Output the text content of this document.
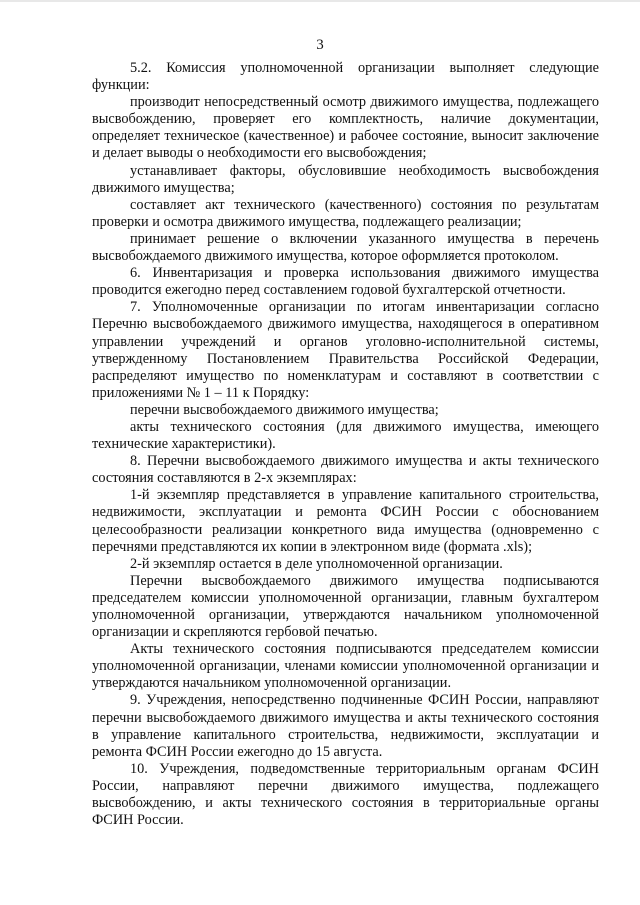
3

5.2. Комиссия уполномоченной организации выполняет следующие функции:

производит непосредственный осмотр движимого имущества, подлежащего высвобождению, проверяет его комплектность, наличие документации, определяет техническое (качественное) и рабочее состояние, выносит заключение и делает выводы о необходимости его высвобождения;

устанавливает факторы, обусловившие необходимость высвобождения движимого имущества;

составляет акт технического (качественного) состояния по результатам проверки и осмотра движимого имущества, подлежащего реализации;

принимает решение о включении указанного имущества в перечень высвобождаемого движимого имущества, которое оформляется протоколом.

6. Инвентаризация и проверка использования движимого имущества проводится ежегодно перед составлением годовой бухгалтерской отчетности.

7. Уполномоченные организации по итогам инвентаризации согласно Перечню высвобождаемого движимого имущества, находящегося в оперативном управлении учреждений и органов уголовно-исполнительной системы, утвержденному Постановлением Правительства Российской Федерации, распределяют имущество по номенклатурам и составляют в соответствии с приложениями № 1 – 11 к Порядку:

перечни высвобождаемого движимого имущества;

акты технического состояния (для движимого имущества, имеющего технические характеристики).

8. Перечни высвобождаемого движимого имущества и акты технического состояния составляются в 2-х экземплярах:

1-й экземпляр представляется в управление капитального строительства, недвижимости, эксплуатации и ремонта ФСИН России с обоснованием целесообразности реализации конкретного вида имущества (одновременно с перечнями представляются их копии в электронном виде (формата .xls);

2-й экземпляр остается в деле уполномоченной организации.

Перечни высвобождаемого движимого имущества подписываются председателем комиссии уполномоченной организации, главным бухгалтером уполномоченной организации, утверждаются начальником уполномоченной организации и скрепляются гербовой печатью.

Акты технического состояния подписываются председателем комиссии уполномоченной организации, членами комиссии уполномоченной организации и утверждаются начальником уполномоченной организации.

9. Учреждения, непосредственно подчиненные ФСИН России, направляют перечни высвобождаемого движимого имущества и акты технического состояния в управление капитального строительства, недвижимости, эксплуатации и ремонта ФСИН России ежегодно до 15 августа.

10. Учреждения, подведомственные территориальным органам ФСИН России, направляют перечни движимого имущества, подлежащего высвобождению, и акты технического состояния в территориальные органы ФСИН России.
